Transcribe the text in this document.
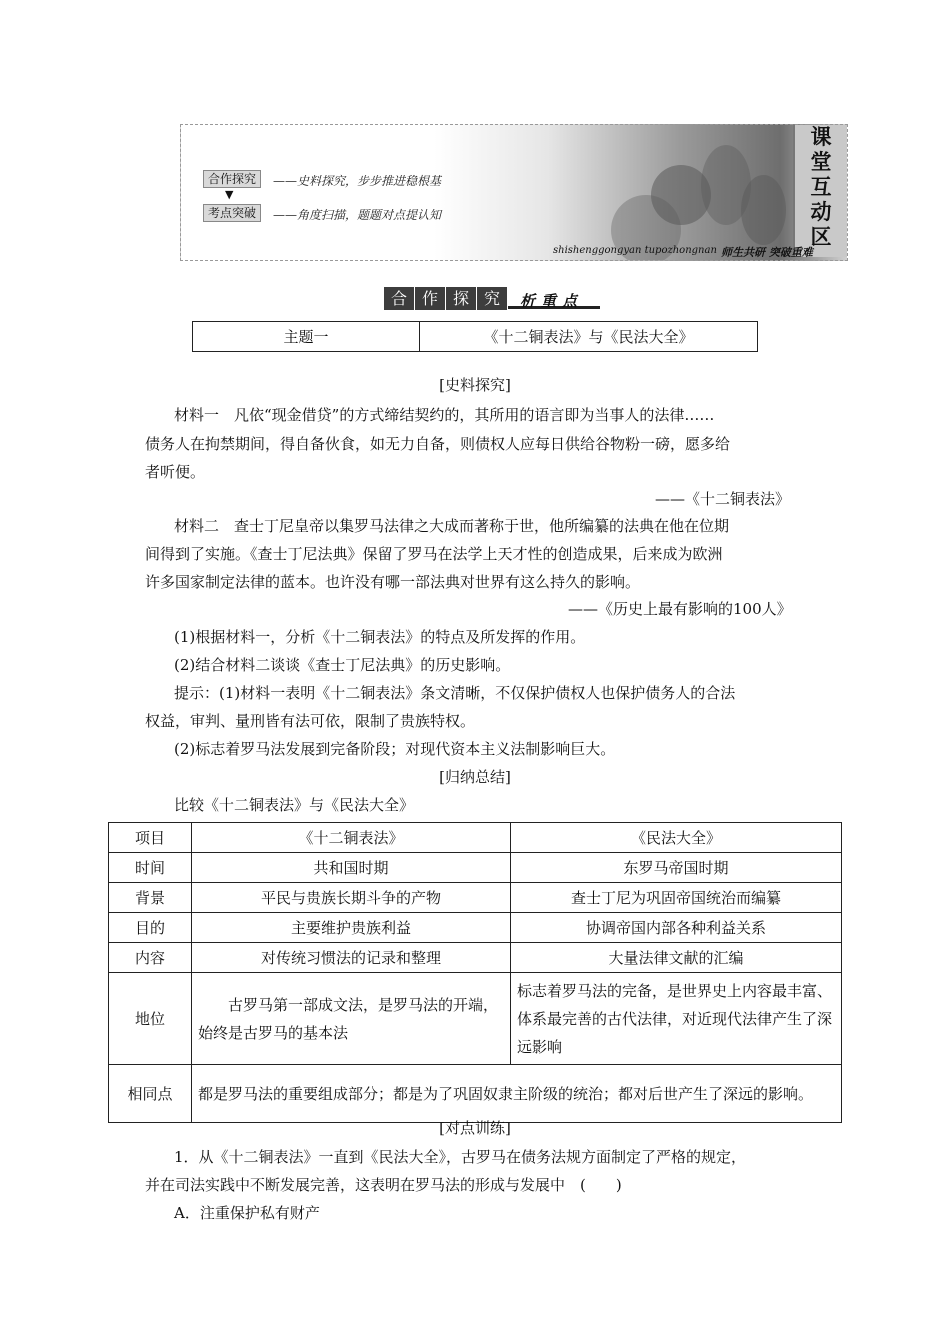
合作探究	——史料探究，步步推进稳根基
▼
考点突破	——角度扫描，题题对点提认知
课
堂
互
动
区
shishenggongyan tupozhongnan 师生共研 突破重难
合 作 探 究	析重点
主题一	《十二铜表法》与《民法大全》
[史料探究]
材料一　凡依“现金借贷”的方式缔结契约的，其所用的语言即为当事人的法律……
债务人在拘禁期间，得自备伙食，如无力自备，则债权人应每日供给谷物粉一磅，愿多给
者听便。
——《十二铜表法》
材料二　查士丁尼皇帝以集罗马法律之大成而著称于世，他所编纂的法典在他在位期
间得到了实施。《查士丁尼法典》保留了罗马在法学上天才性的创造成果，后来成为欧洲
许多国家制定法律的蓝本。也许没有哪一部法典对世界有这么持久的影响。
——《历史上最有影响的100人》
(1)根据材料一，分析《十二铜表法》的特点及所发挥的作用。
(2)结合材料二谈谈《查士丁尼法典》的历史影响。
提示：(1)材料一表明《十二铜表法》条文清晰，不仅保护债权人也保护债务人的合法
权益，审判、量刑皆有法可依，限制了贵族特权。
(2)标志着罗马法发展到完备阶段；对现代资本主义法制影响巨大。
[归纳总结]
比较《十二铜表法》与《民法大全》
项目	《十二铜表法》	《民法大全》
时间	共和国时期	东罗马帝国时期
背景	平民与贵族长期斗争的产物	查士丁尼为巩固帝国统治而编纂
目的	主要维护贵族利益	协调帝国内部各种利益关系
内容	对传统习惯法的记录和整理	大量法律文献的汇编
地位	　　古罗马第一部成文法，是罗马法的开端，始终是古罗马的基本法	标志着罗马法的完备，是世界史上内容最丰富、体系最完善的古代法律，对近现代法律产生了深远影响
相同点	都是罗马法的重要组成部分；都是为了巩固奴隶主阶级的统治；都对后世产生了深远的影响。	
[对点训练]
1．从《十二铜表法》一直到《民法大全》，古罗马在债务法规方面制定了严格的规定，
并在司法实践中不断发展完善，这表明在罗马法的形成与发展中　(　　)
A．注重保护私有财产
